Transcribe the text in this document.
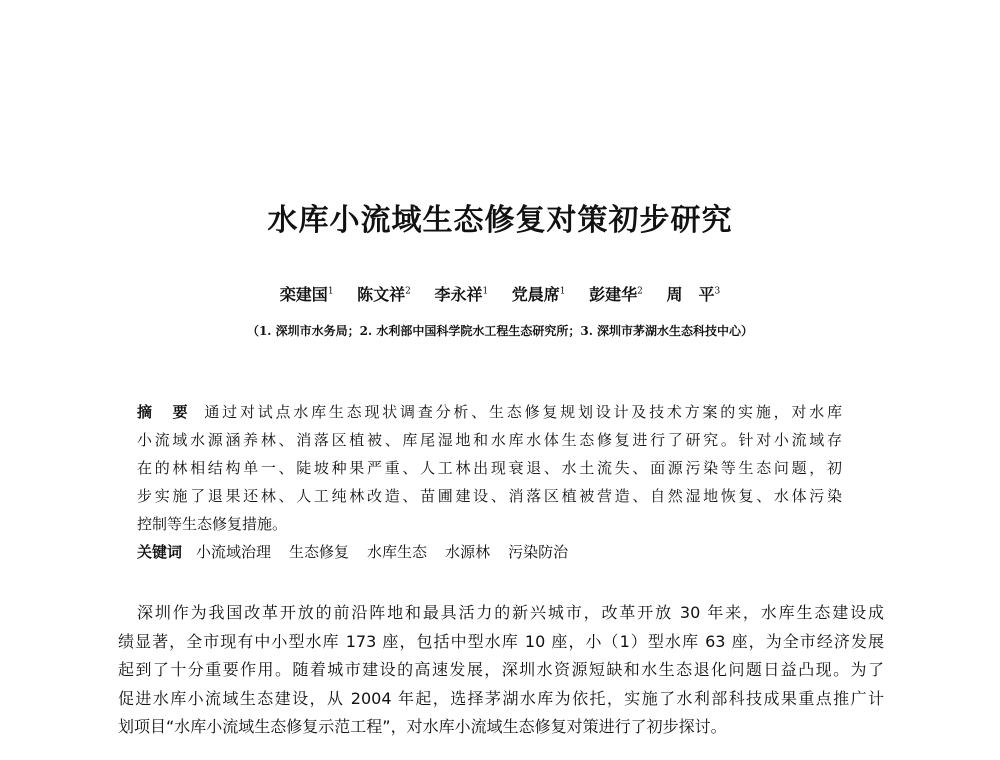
水库小流域生态修复对策初步研究
栾建国$^1$ 陈文祥$^2$ 李永祥$^1$ 党晨席$^1$ 彭建华$^2$ 周　平$^3$
（1. 深圳市水务局；2. 水利部中国科学院水工程生态研究所；3. 深圳市茅湖水生态科技中心）
摘　要 通过对试点水库生态现状调查分析、生态修复规划设计及技术方案的实施，对水库
小流域水源涵养林、消落区植被、库尾湿地和水库水体生态修复进行了研究。针对小流域存
在的林相结构单一、陡坡种果严重、人工林出现衰退、水土流失、面源污染等生态问题，初
步实施了退果还林、人工纯林改造、苗圃建设、消落区植被营造、自然湿地恢复、水体污染
控制等生态修复措施。
关键词 小流域治理 生态修复 水库生态 水源林 污染防治
深圳作为我国改革开放的前沿阵地和最具活力的新兴城市，改革开放 30 年来，水库生态建设成
绩显著，全市现有中小型水库 173 座，包括中型水库 10 座，小（1）型水库 63 座，为全市经济发展
起到了十分重要作用。随着城市建设的高速发展，深圳水资源短缺和水生态退化问题日益凸现。为了
促进水库小流域生态建设，从 2004 年起，选择茅湖水库为依托，实施了水利部科技成果重点推广计
划项目“水库小流域生态修复示范工程”，对水库小流域生态修复对策进行了初步探讨。
